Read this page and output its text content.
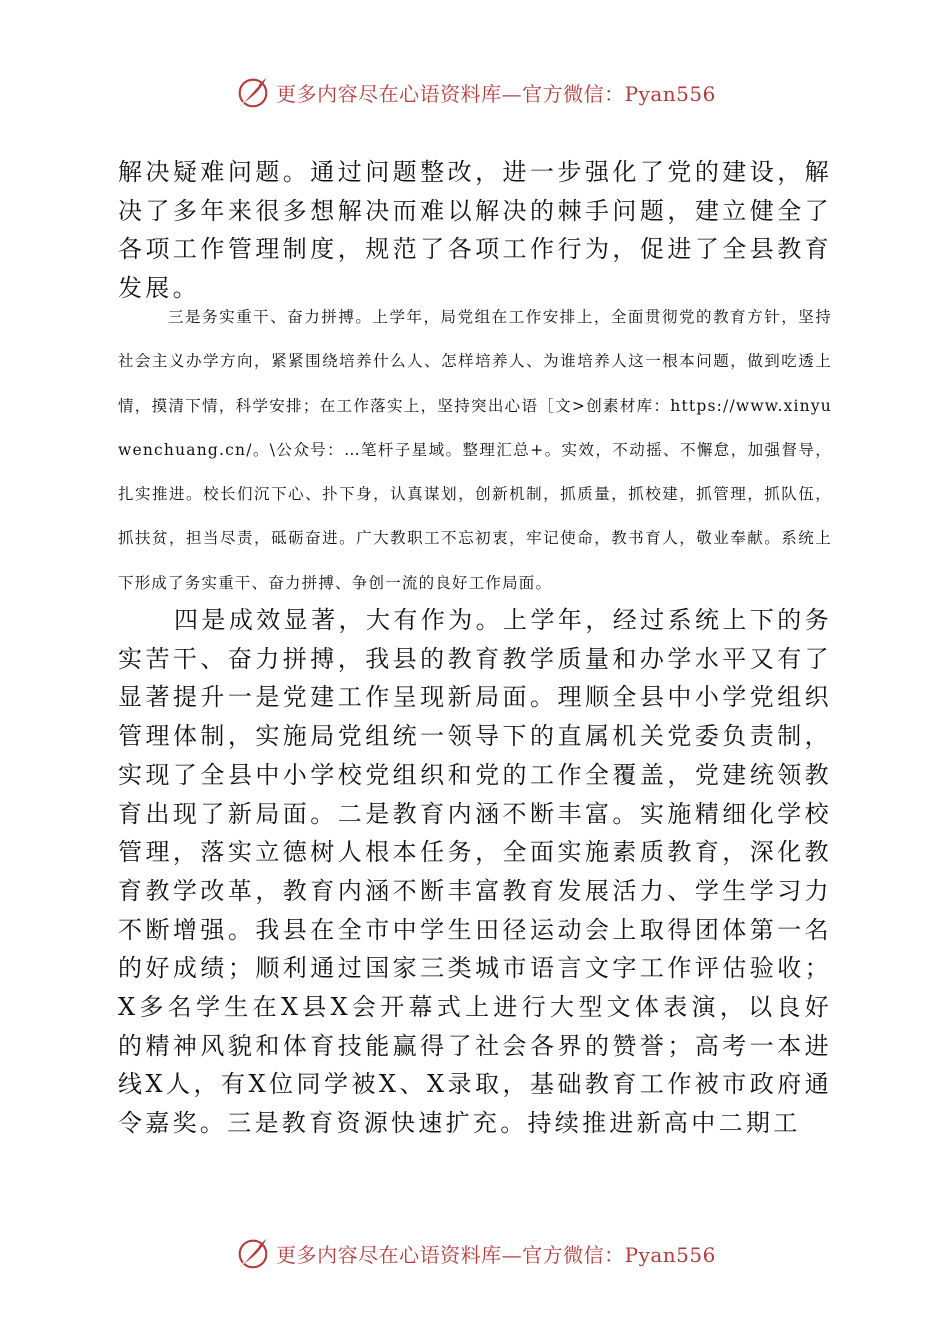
更多内容尽在心语资料库—官方微信：Pyan556

解决疑难问题。通过问题整改，进一步强化了党的建设，解决了多年来很多想解决而难以解决的棘手问题，建立健全了各项工作管理制度，规范了各项工作行为，促进了全县教育发展。

三是务实重干、奋力拼搏。上学年，局党组在工作安排上，全面贯彻党的教育方针，坚持社会主义办学方向，紧紧围绕培养什么人、怎样培养人、为谁培养人这一根本问题，做到吃透上情，摸清下情，科学安排；在工作落实上，坚持突出心语［文>创素材库：https://www.xinyuwenchuang.cn/。\公众号：…笔杆子星域。整理汇总+。实效，不动摇、不懈怠，加强督导，扎实推进。校长们沉下心、扑下身，认真谋划，创新机制，抓质量，抓校建，抓管理，抓队伍，抓扶贫，担当尽责，砥砺奋进。广大教职工不忘初衷，牢记使命，教书育人，敬业奉献。系统上下形成了务实重干、奋力拼搏、争创一流的良好工作局面。

四是成效显著，大有作为。上学年，经过系统上下的务实苦干、奋力拼搏，我县的教育教学质量和办学水平又有了显著提升一是党建工作呈现新局面。理顺全县中小学党组织管理体制，实施局党组统一领导下的直属机关党委负责制，实现了全县中小学校党组织和党的工作全覆盖，党建统领教育出现了新局面。二是教育内涵不断丰富。实施精细化学校管理，落实立德树人根本任务，全面实施素质教育，深化教育教学改革，教育内涵不断丰富教育发展活力、学生学习力不断增强。我县在全市中学生田径运动会上取得团体第一名的好成绩；顺利通过国家三类城市语言文字工作评估验收；X多名学生在X县X会开幕式上进行大型文体表演，以良好的精神风貌和体育技能赢得了社会各界的赞誉；高考一本进线X人，有X位同学被X、X录取，基础教育工作被市政府通令嘉奖。三是教育资源快速扩充。持续推进新高中二期工

更多内容尽在心语资料库—官方微信：Pyan556
